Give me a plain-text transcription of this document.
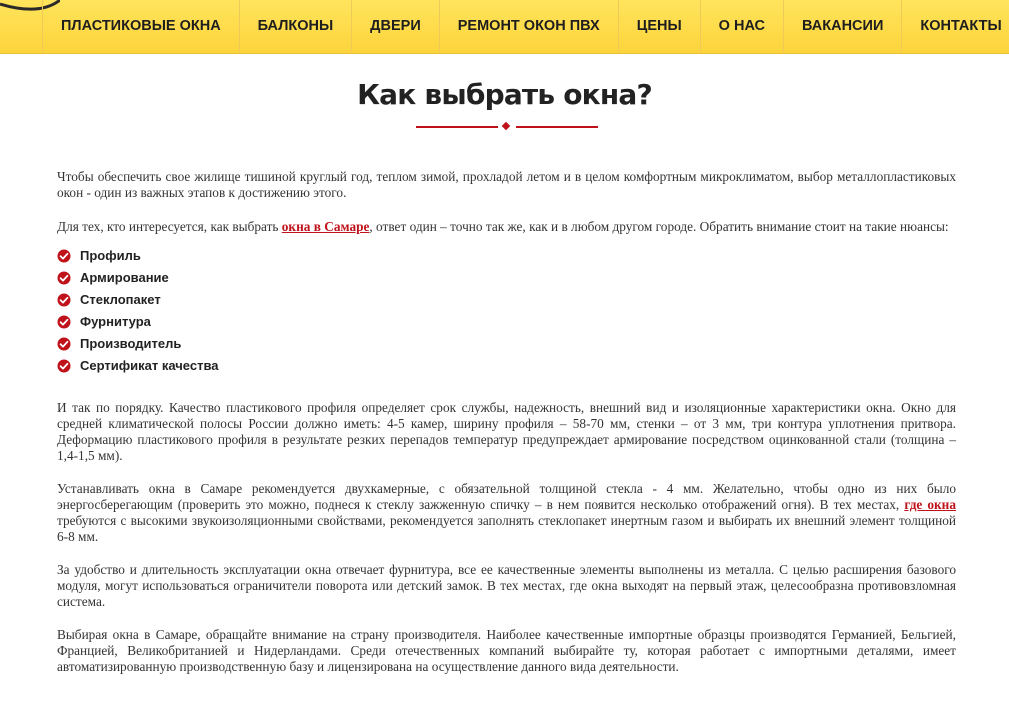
ПЛАСТИКОВЫЕ ОКНА	БАЛКОНЫ	ДВЕРИ	РЕМОНТ ОКОН ПВХ	ЦЕНЫ	О НАС	ВАКАНСИИ	КОНТАКТЫ
Как выбрать окна?

Чтобы обеспечить свое жилище тишиной круглый год, теплом зимой, прохладой летом и в целом комфортным микроклиматом, выбор металлопластиковых окон - один из важных этапов к достижению этого.

Для тех, кто интересуется, как выбрать окна в Самаре, ответ один – точно так же, как и в любом другом городе. Обратить внимание стоит на такие нюансы:

Профиль
Армирование
Стеклопакет
Фурнитура
Производитель
Сертификат качества

И так по порядку. Качество пластикового профиля определяет срок службы, надежность, внешний вид и изоляционные характеристики окна. Окно для средней климатической полосы России должно иметь: 4-5 камер, ширину профиля – 58-70 мм, стенки – от 3 мм, три контура уплотнения притвора. Деформацию пластикового профиля в результате резких перепадов температур предупреждает армирование посредством оцинкованной стали (толщина – 1,4-1,5 мм).

Устанавливать окна в Самаре рекомендуется двухкамерные, с обязательной толщиной стекла - 4 мм. Желательно, чтобы одно из них было энергосберегающим (проверить это можно, поднеся к стеклу зажженную спичку – в нем появится несколько отображений огня). В тех местах, где окна требуются с высокими звукоизоляционными свойствами, рекомендуется заполнять стеклопакет инертным газом и выбирать их внешний элемент толщиной 6-8 мм.

За удобство и длительность эксплуатации окна отвечает фурнитура, все ее качественные элементы выполнены из металла. С целью расширения базового модуля, могут использоваться ограничители поворота или детский замок. В тех местах, где окна выходят на первый этаж, целесообразна противовзломная система.

Выбирая окна в Самаре, обращайте внимание на страну производителя. Наиболее качественные импортные образцы производятся Германией, Бельгией, Францией, Великобританией и Нидерландами. Среди отечественных компаний выбирайте ту, которая работает с импортными деталями, имеет автоматизированную производственную базу и лицензирована на осуществление данного вида деятельности.
